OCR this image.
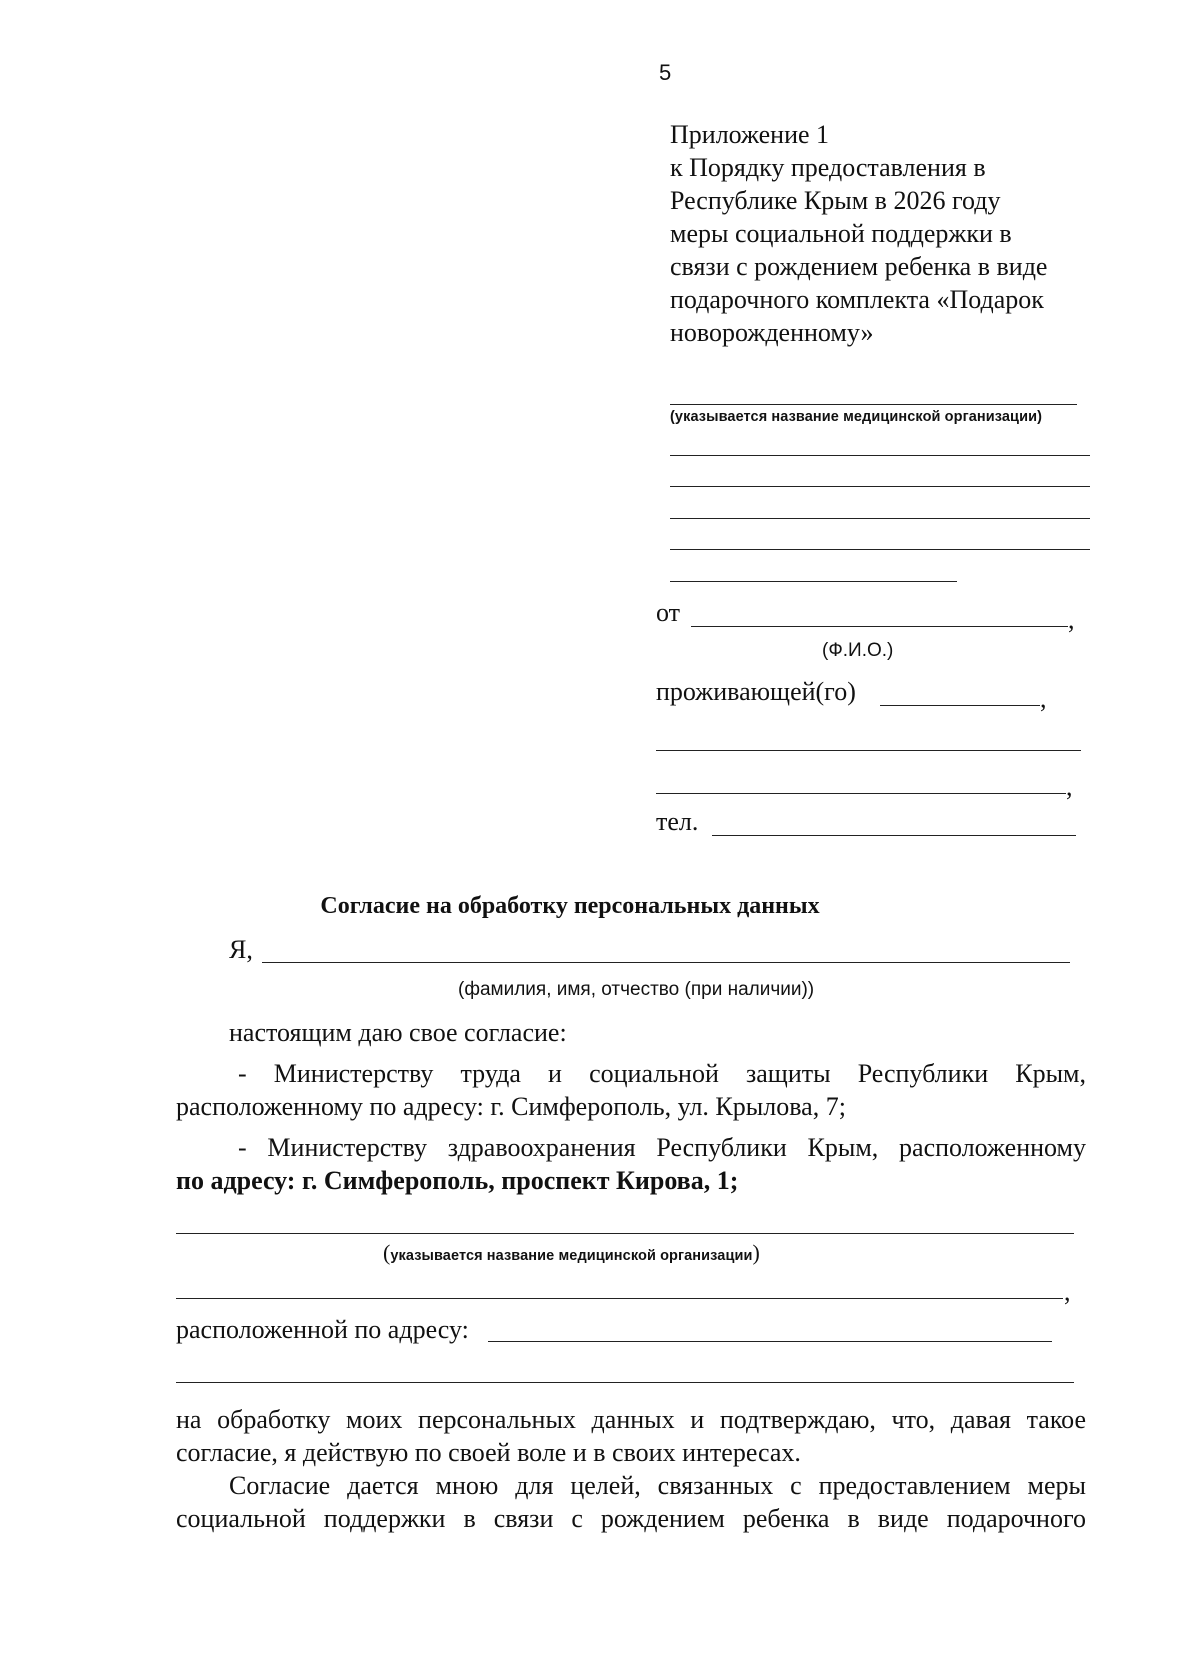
5
Приложение 1
к Порядку предоставления в
Республике Крым в 2026 году
меры социальной поддержки в
связи с рождением ребенка в виде
подарочного комплекта «Подарок
новорожденному»
(указывается название медицинской организации)
от	,
(Ф.И.О.)
проживающей(го)	,
,
тел.
Согласие на обработку персональных данных
Я,
(фамилия, имя, отчество (при наличии))
настоящим даю свое согласие:
- Министерству труда и социальной защиты Республики Крым,
расположенному по адресу: г. Симферополь, ул. Крылова, 7;
- Министерству здравоохранения Республики Крым, расположенному
по адресу: г. Симферополь, проспект Кирова, 1;
(указывается название медицинской организации)
,
расположенной по адресу:
на обработку моих персональных данных и подтверждаю, что, давая такое
согласие, я действую по своей воле и в своих интересах.
Согласие дается мною для целей, связанных с предоставлением меры
социальной поддержки в связи с рождением ребенка в виде подарочного
